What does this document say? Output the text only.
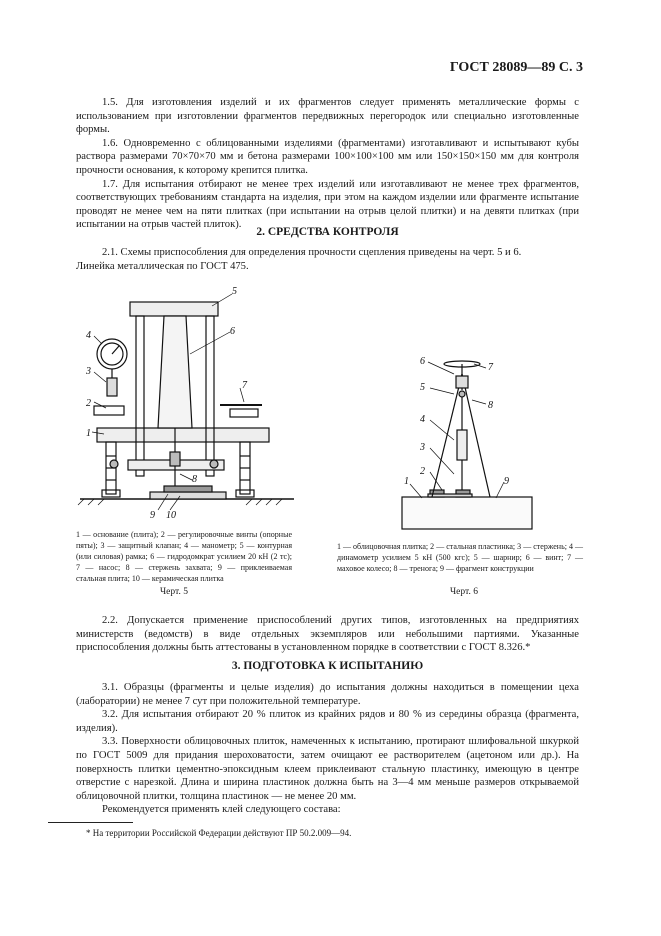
ГОСТ 28089—89 С. 3

1.5. Для изготовления изделий и их фрагментов следует применять металлические формы с использованием при изготовлении фрагментов передвижных перегородок или специально изготовленные формы.

1.6. Одновременно с облицованными изделиями (фрагментами) изготавливают и испытывают кубы раствора размерами 70×70×70 мм и бетона размерами 100×100×100 мм или 150×150×150 мм для контроля прочности основания, к которому крепится плитка.

1.7. Для испытания отбирают не менее трех изделий или изготавливают не менее трех фрагментов, соответствующих требованиям стандарта на изделия, при этом на каждом изделии или фрагменте испытание проводят не менее чем на пяти плитках (при испытании на отрыв целой плитки) и на девяти плитках (при испытании на отрыв частей плиток).

2. СРЕДСТВА КОНТРОЛЯ

2.1. Схемы приспособления для определения прочности сцепления приведены на черт. 5 и 6.

Линейка металлическая по ГОСТ 475.

1
2
3
4
5
6
7
8
9 10
1 — основание (плита); 2 — регулировочные винты (опорные пяты); 3 — защитный клапан; 4 — манометр; 5 — контурная (или силовая) рамка; 6 — гидродомкрат усилием 20 кН (2 тс); 7 — насос; 8 — стержень захвата; 9 — приклеиваемая стальная плита; 10 — керамическая плитка
Черт. 5
6
7
5
8
4
3
2
1	9
1 — облицовочная плитка; 2 — стальная пластинка; 3 — стержень; 4 — динамометр усилием 5 кН (500 кгс); 5 — шарнир; 6 — винт; 7 — маховое колесо; 8 — тренога; 9 — фрагмент конструкции
Черт. 6

2.2. Допускается применение приспособлений других типов, изготовленных на предприятиях министерств (ведомств) в виде отдельных экземпляров или небольшими партиями. Указанные приспособления должны быть аттестованы в установленном порядке в соответствии с ГОСТ 8.326.*

3. ПОДГОТОВКА К ИСПЫТАНИЮ

3.1. Образцы (фрагменты и целые изделия) до испытания должны находиться в помещении цеха (лаборатории) не менее 7 сут при положительной температуре.

3.2. Для испытания отбирают 20 % плиток из крайних рядов и 80 % из середины образца (фрагмента, изделия).

3.3. Поверхности облицовочных плиток, намеченных к испытанию, протирают шлифовальной шкуркой по ГОСТ 5009 для придания шероховатости, затем очищают ее растворителем (ацетоном или др.). На поверхность плитки цементно-эпоксидным клеем приклеивают стальную пластинку, имеющую в центре отверстие с нарезкой. Длина и ширина пластинок должна быть на 3—4 мм меньше размеров открываемой облицовочной плитки, толщина пластинок — не менее 20 мм.

Рекомендуется применять клей следующего состава:

* На территории Российской Федерации действуют ПР 50.2.009—94.
